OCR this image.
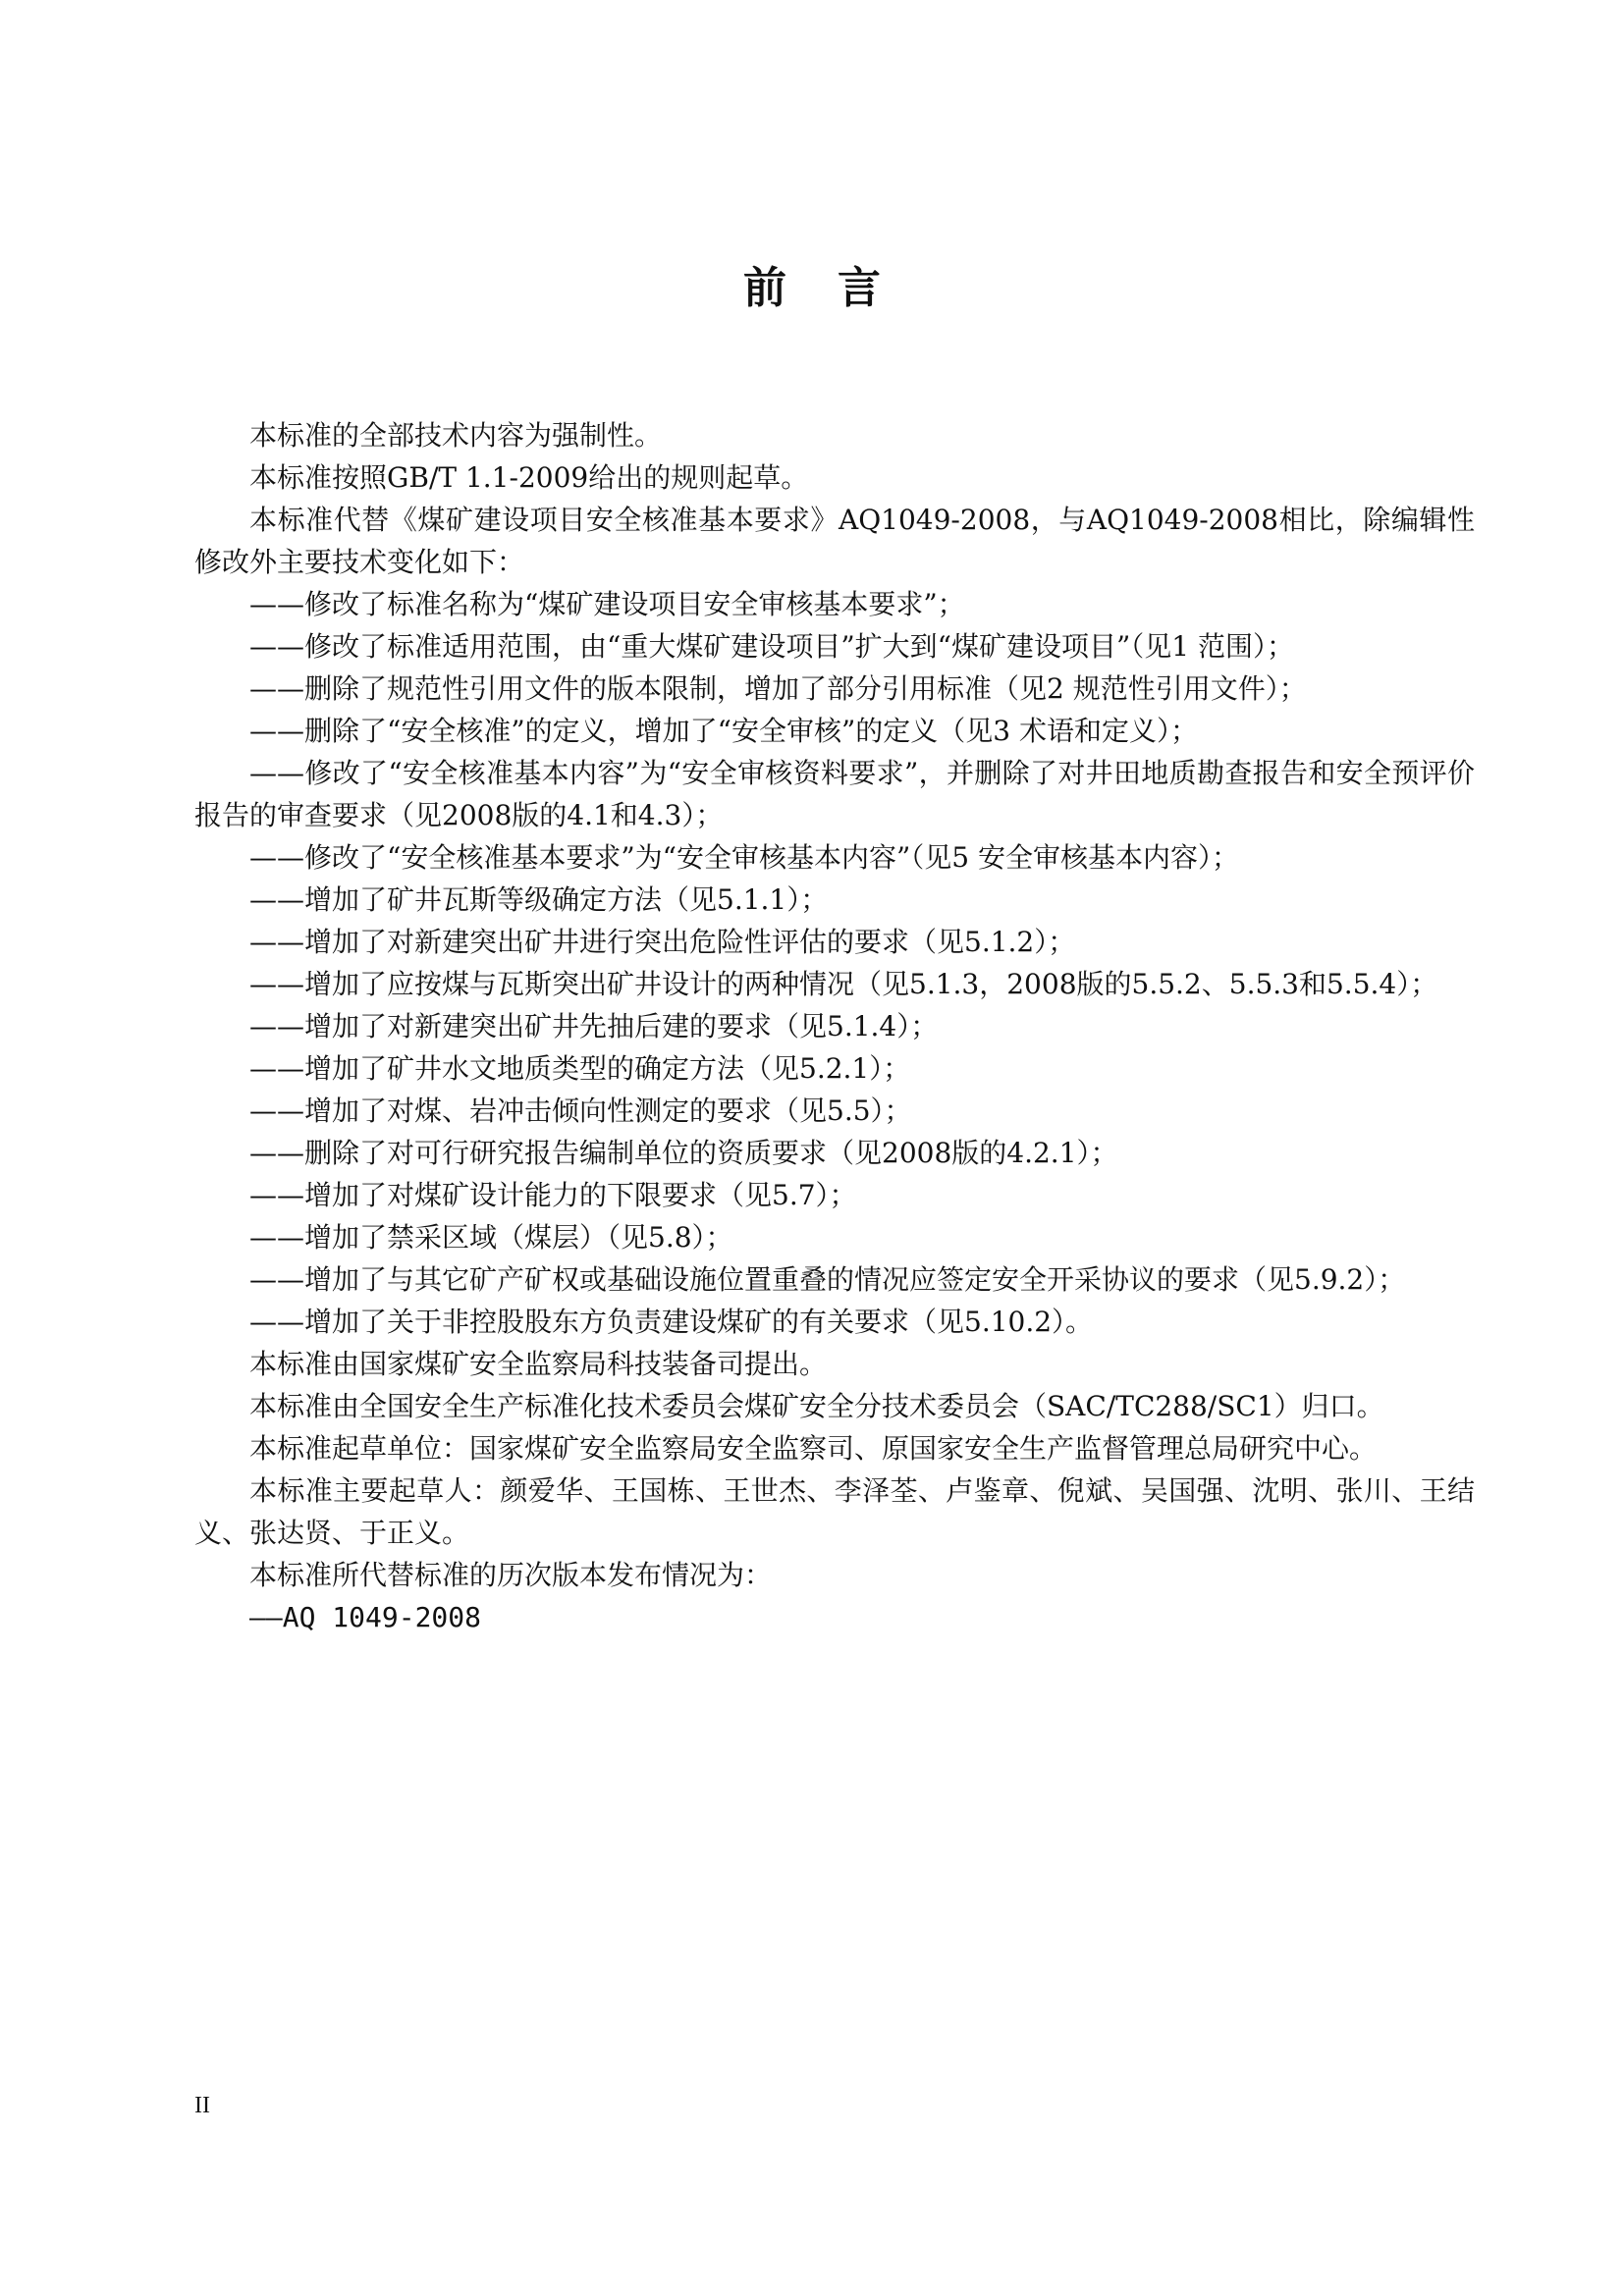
前言

本标准的全部技术内容为强制性。

本标准按照GB/T 1.1-2009给出的规则起草。

本标准代替《煤矿建设项目安全核准基本要求》AQ1049-2008，与AQ1049-2008相比，除编辑性修改外主要技术变化如下：

——修改了标准名称为“煤矿建设项目安全审核基本要求”；

——修改了标准适用范围，由“重大煤矿建设项目”扩大到“煤矿建设项目”（见1 范围）；

——删除了规范性引用文件的版本限制，增加了部分引用标准（见2 规范性引用文件）；

——删除了“安全核准”的定义，增加了“安全审核”的定义（见3 术语和定义）；

——修改了“安全核准基本内容”为“安全审核资料要求”，并删除了对井田地质勘查报告和安全预评价报告的审查要求（见2008版的4.1和4.3）；

——修改了“安全核准基本要求”为“安全审核基本内容”（见5 安全审核基本内容）；

——增加了矿井瓦斯等级确定方法（见5.1.1）；

——增加了对新建突出矿井进行突出危险性评估的要求（见5.1.2）；

——增加了应按煤与瓦斯突出矿井设计的两种情况（见5.1.3，2008版的5.5.2、5.5.3和5.5.4）；

——增加了对新建突出矿井先抽后建的要求（见5.1.4）；

——增加了矿井水文地质类型的确定方法（见5.2.1）；

——增加了对煤、岩冲击倾向性测定的要求（见5.5）；

——删除了对可行研究报告编制单位的资质要求（见2008版的4.2.1）；

——增加了对煤矿设计能力的下限要求（见5.7）；

——增加了禁采区域（煤层）（见5.8）；

——增加了与其它矿产矿权或基础设施位置重叠的情况应签定安全开采协议的要求（见5.9.2）；

——增加了关于非控股股东方负责建设煤矿的有关要求（见5.10.2）。

本标准由国家煤矿安全监察局科技装备司提出。

本标准由全国安全生产标准化技术委员会煤矿安全分技术委员会（SAC/TC288/SC1）归口。

本标准起草单位：国家煤矿安全监察局安全监察司、原国家安全生产监督管理总局研究中心。

本标准主要起草人：颜爱华、王国栋、王世杰、李泽荃、卢鉴章、倪斌、吴国强、沈明、张川、王结义、张达贤、于正义。

本标准所代替标准的历次版本发布情况为：

——AQ 1049-2008

II
